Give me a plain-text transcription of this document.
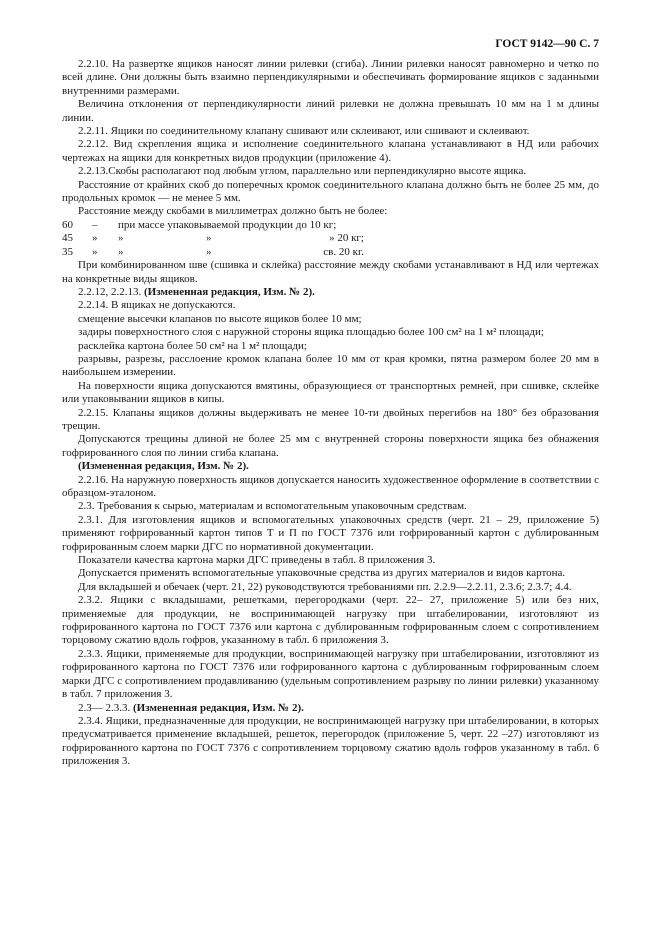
ГОСТ 9142—90 С. 7

2.2.10. На развертке ящиков наносят линии рилевки (сгиба). Линии рилевки наносят равномерно и четко по всей длине. Они должны быть взаимно перпендикулярными и обеспечивать формирование ящиков с заданными внутренними размерами.

Величина отклонения от перпендикулярности линий рилевки не должна превышать 10 мм на 1 м длины линии.

2.2.11. Ящики по соединительному клапану сшивают или склеивают, или сшивают и склеивают.

2.2.12. Вид скрепления ящика и исполнение соединительного клапана устанавливают в НД или рабочих чертежах на ящики для конкретных видов продукции (приложение 4).

2.2.13.Скобы располагают под любым углом, параллельно или перпендикулярно высоте ящика.

Расстояние от крайних скоб до поперечных кромок соединительного клапана должно быть не более 25 мм, до продольных кромок — не менее 5 мм.

Расстояние между скобами в миллиметрах должно быть не более:

60	–	при массе упаковываемой продукции до 10 кг;		
45	»	»	»	» 20 кг;
35	»	»	»	св. 20 кг.

При комбинированном шве (сшивка и склейка) расстояние между скобами устанавливают в НД или чертежах на конкретные виды ящиков.

2.2.12, 2.2.13. (Измененная редакция, Изм. № 2).

2.2.14. В ящиках не допускаются.

смещение высечки клапанов по высоте ящиков более 10 мм;

задиры поверхностного слоя с наружной стороны ящика площадью более 100 см² на 1 м² площади;

расклейка картона более 50 см² на 1 м² площади;

разрывы, разрезы, расслоение кромок клапана более 10 мм от края кромки, пятна размером более 20 мм в наибольшем измерении.

На поверхности ящика допускаются вмятины, образующиеся от транспортных ремней, при сшивке, склейке или упаковывании ящиков в кипы.

2.2.15. Клапаны ящиков должны выдерживать не менее 10-ти двойных перегибов на 180° без образования трещин.

Допускаются трещины длиной не более 25 мм с внутренней стороны поверхности ящика без обнажения гофрированного слоя по линии сгиба клапана.

(Измененная редакция, Изм. № 2).

2.2.16. На наружную поверхность ящиков допускается наносить художественное оформление в соответствии с образцом-эталоном.

2.3. Требования к сырью, материалам и вспомогательным упаковочным средствам.

2.3.1. Для изготовления ящиков и вспомогательных упаковочных средств (черт. 21 – 29, приложение 5) применяют гофрированный картон типов Т и П по ГОСТ 7376 или гофрированный картон с дублированным гофрированным слоем марки ДГС по нормативной документации.

Показатели качества картона марки ДГС приведены в табл. 8 приложения 3.

Допускается применять вспомогательные упаковочные средства из других материалов и видов картона.

Для вкладышей и обечаек (черт. 21, 22) руководствуются требованиями пп. 2.2.9—2.2.11, 2.3.6; 2.3.7; 4.4.

2.3.2. Ящики с вкладышами, решетками, перегородками (черт. 22– 27, приложение 5) или без них, применяемые для продукции, не воспринимающей нагрузку при штабелировании, изготовляют из гофрированного картона по ГОСТ 7376 или картона с дублированным гофрированным слоем с сопротивлением торцовому сжатию вдоль гофров, указанному в табл. 6 приложения 3.

2.3.3. Ящики, применяемые для продукции, воспринимающей нагрузку при штабелировании, изготовляют из гофрированного картона по ГОСТ 7376 или гофрированного картона с дублированным гофрированным слоем марки ДГС с сопротивлением продавливанию (удельным сопротивлением разрыву по линии рилевки) указанному в табл. 7 приложения 3.

2.3— 2.3.3. (Измененная редакция, Изм. № 2).

2.3.4. Ящики, предназначенные для продукции, не воспринимающей нагрузку при штабелировании, в которых предусматривается применение вкладышей, решеток, перегородок (приложение 5, черт. 22 –27) изготовляют из гофрированного картона по ГОСТ 7376 с сопротивлением торцовому сжатию вдоль гофров указанному в табл. 6 приложения 3.
